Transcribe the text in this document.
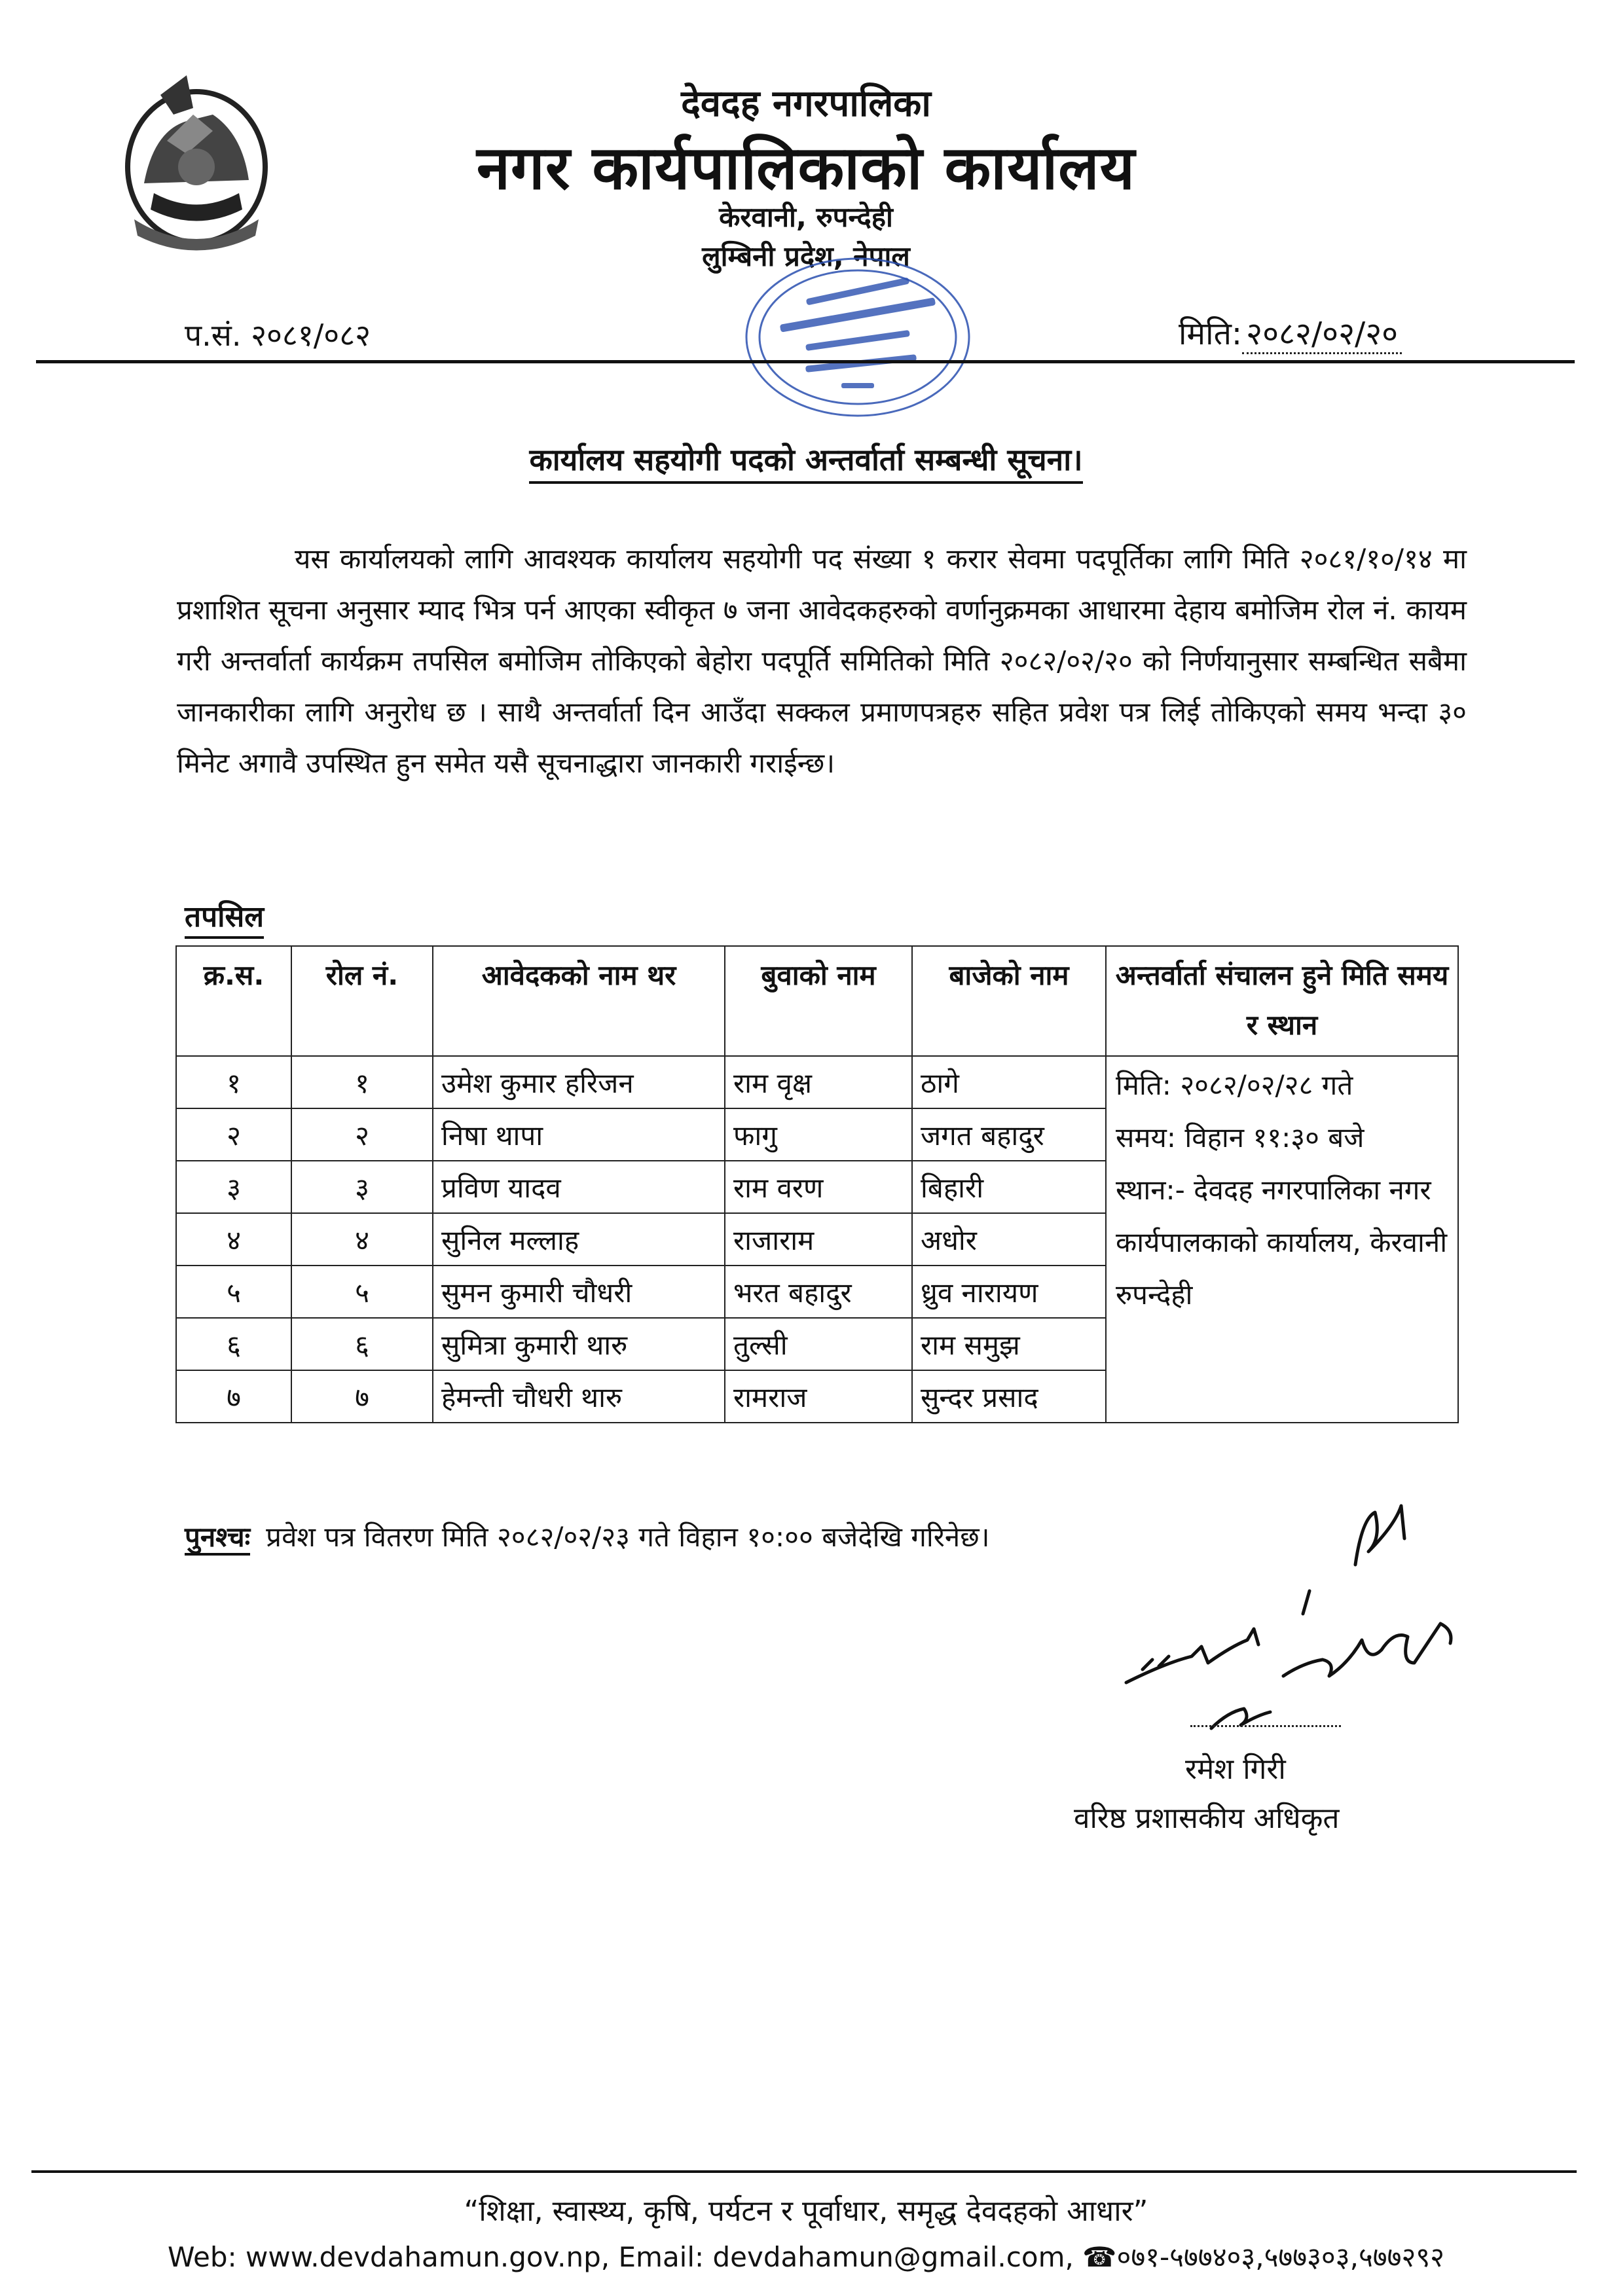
देवदह नगरपालिका
नगर कार्यपालिकाको कार्यालय
केरवानी, रुपन्देही
लुम्बिनी प्रदेश, नेपाल
प.सं. २०८१/०८२	मिति: २०८२/०२/२०
कार्यालय सहयोगी पदको अन्तर्वार्ता सम्बन्धी सूचना।
यस कार्यालयको लागि आवश्यक कार्यालय सहयोगी पद संख्या १ करार सेवमा पदपूर्तिका लागि मिति २०८१/१०/१४ मा प्रशाशित सूचना अनुसार म्याद भित्र पर्न आएका स्वीकृत ७ जना आवेदकहरुको वर्णानुक्रमका आधारमा देहाय बमोजिम रोल नं. कायम गरी अन्तर्वार्ता कार्यक्रम तपसिल बमोजिम तोकिएको बेहोरा पदपूर्ति समितिको मिति २०८२/०२/२० को निर्णयानुसार सम्बन्धित सबैमा जानकारीका लागि अनुरोध छ । साथै अन्तर्वार्ता दिन आउँदा सक्कल प्रमाणपत्रहरु सहित प्रवेश पत्र लिई तोकिएको समय भन्दा ३० मिनेट अगावै उपस्थित हुन समेत यसै सूचनाद्धारा जानकारी गराईन्छ।
तपसिल
क्र.स.	रोल नं.	आवेदकको नाम थर	बुवाको नाम	बाजेको नाम	अन्तर्वार्ता संचालन हुने मिति समय र स्थान
१	१	उमेश कुमार हरिजन	राम वृक्ष	ठागे	मिति: २०८२/०२/२८ गते
समय: विहान ११:३० बजे
स्थान:- देवदह नगरपालिका नगर कार्यपालकाको कार्यालय, केरवानी रुपन्देही

२	२	निषा थापा	फागु	जगत बहादुर	
३	३	प्रविण यादव	राम वरण	बिहारी	
४	४	सुनिल मल्लाह	राजाराम	अधोर	
५	५	सुमन कुमारी चौधरी	भरत बहादुर	ध्रुव नारायण	
६	६	सुमित्रा कुमारी थारु	तुल्सी	राम समुझ	
७	७	हेमन्ती चौधरी थारु	रामराज	सुन्दर प्रसाद	
पुनश्चः प्रवेश पत्र वितरण मिति २०८२/०२/२३ गते विहान १०:०० बजेदेखि गरिनेछ।
रमेश गिरी
वरिष्ठ प्रशासकीय अधिकृत
“शिक्षा, स्वास्थ्य, कृषि, पर्यटन र पूर्वाधार, समृद्ध देवदहको आधार”
Web: www.devdahamun.gov.np, Email: devdahamun@gmail.com, ☎०७१-५७७४०३,५७७३०३,५७७२९२
